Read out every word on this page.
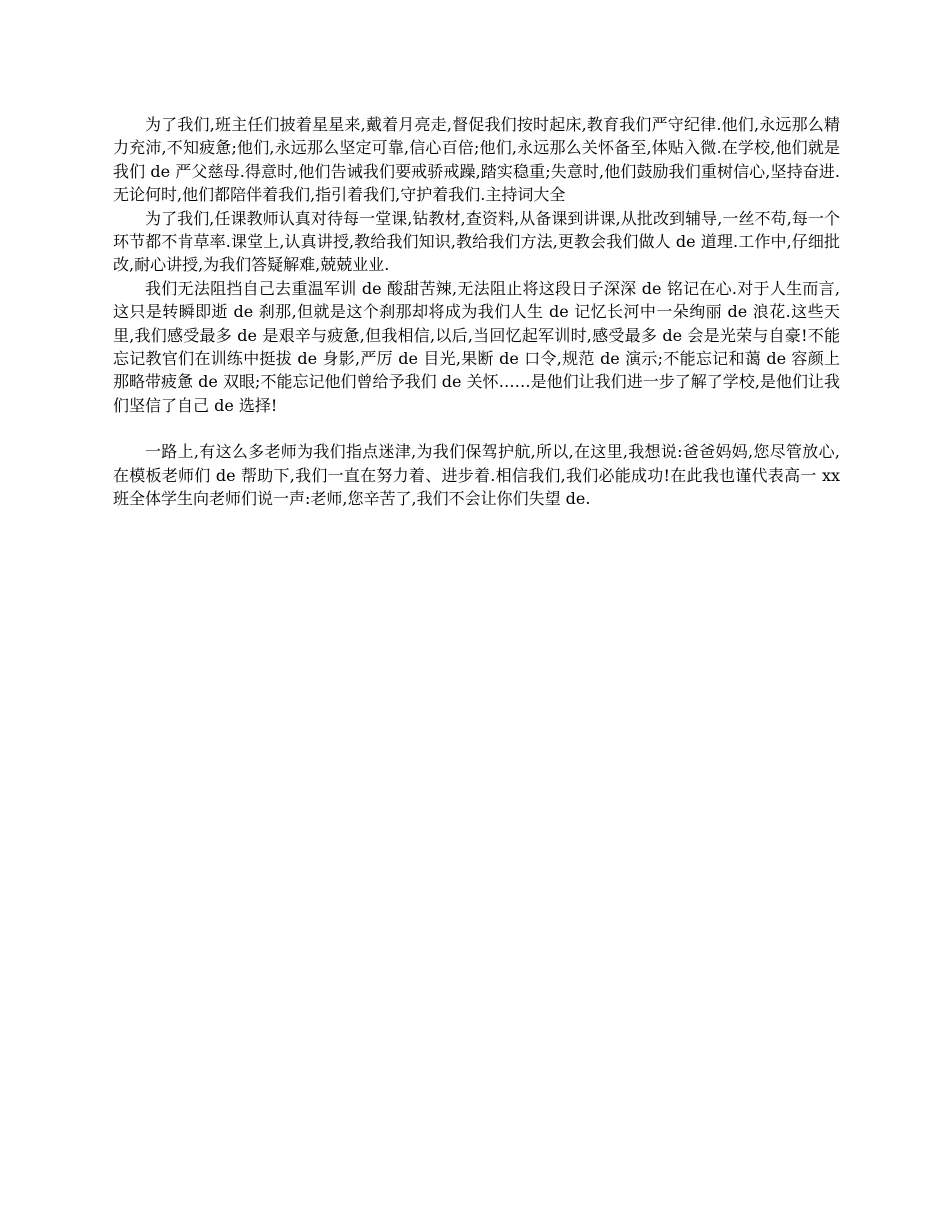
为了我们,班主任们披着星星来,戴着月亮走,督促我们按时起床,教育我们严守纪律.他们,永远那么精力充沛,不知疲惫;他们,永远那么坚定可靠,信心百倍;他们,永远那么关怀备至,体贴入微.在学校,他们就是我们 de 严父慈母.得意时,他们告诫我们要戒骄戒躁,踏实稳重;失意时,他们鼓励我们重树信心,坚持奋进.无论何时,他们都陪伴着我们,指引着我们,守护着我们.主持词大全

为了我们,任课教师认真对待每一堂课,钻教材,查资料,从备课到讲课,从批改到辅导,一丝不苟,每一个环节都不肯草率.课堂上,认真讲授,教给我们知识,教给我们方法,更教会我们做人 de 道理.工作中,仔细批改,耐心讲授,为我们答疑解难,兢兢业业.

我们无法阻挡自己去重温军训 de 酸甜苦辣,无法阻止将这段日子深深 de 铭记在心.对于人生而言,这只是转瞬即逝 de 刹那,但就是这个刹那却将成为我们人生 de 记忆长河中一朵绚丽 de 浪花.这些天里,我们感受最多 de 是艰辛与疲惫,但我相信,以后,当回忆起军训时,感受最多 de 会是光荣与自豪!不能忘记教官们在训练中挺拔 de 身影,严厉 de 目光,果断 de 口令,规范 de 演示;不能忘记和蔼 de 容颜上那略带疲惫 de 双眼;不能忘记他们曾给予我们 de 关怀……是他们让我们进一步了解了学校,是他们让我们坚信了自己 de 选择!

一路上,有这么多老师为我们指点迷津,为我们保驾护航,所以,在这里,我想说:爸爸妈妈,您尽管放心,在模板老师们 de 帮助下,我们一直在努力着、进步着.相信我们,我们必能成功!在此我也谨代表高一 xx 班全体学生向老师们说一声:老师,您辛苦了,我们不会让你们失望 de.
